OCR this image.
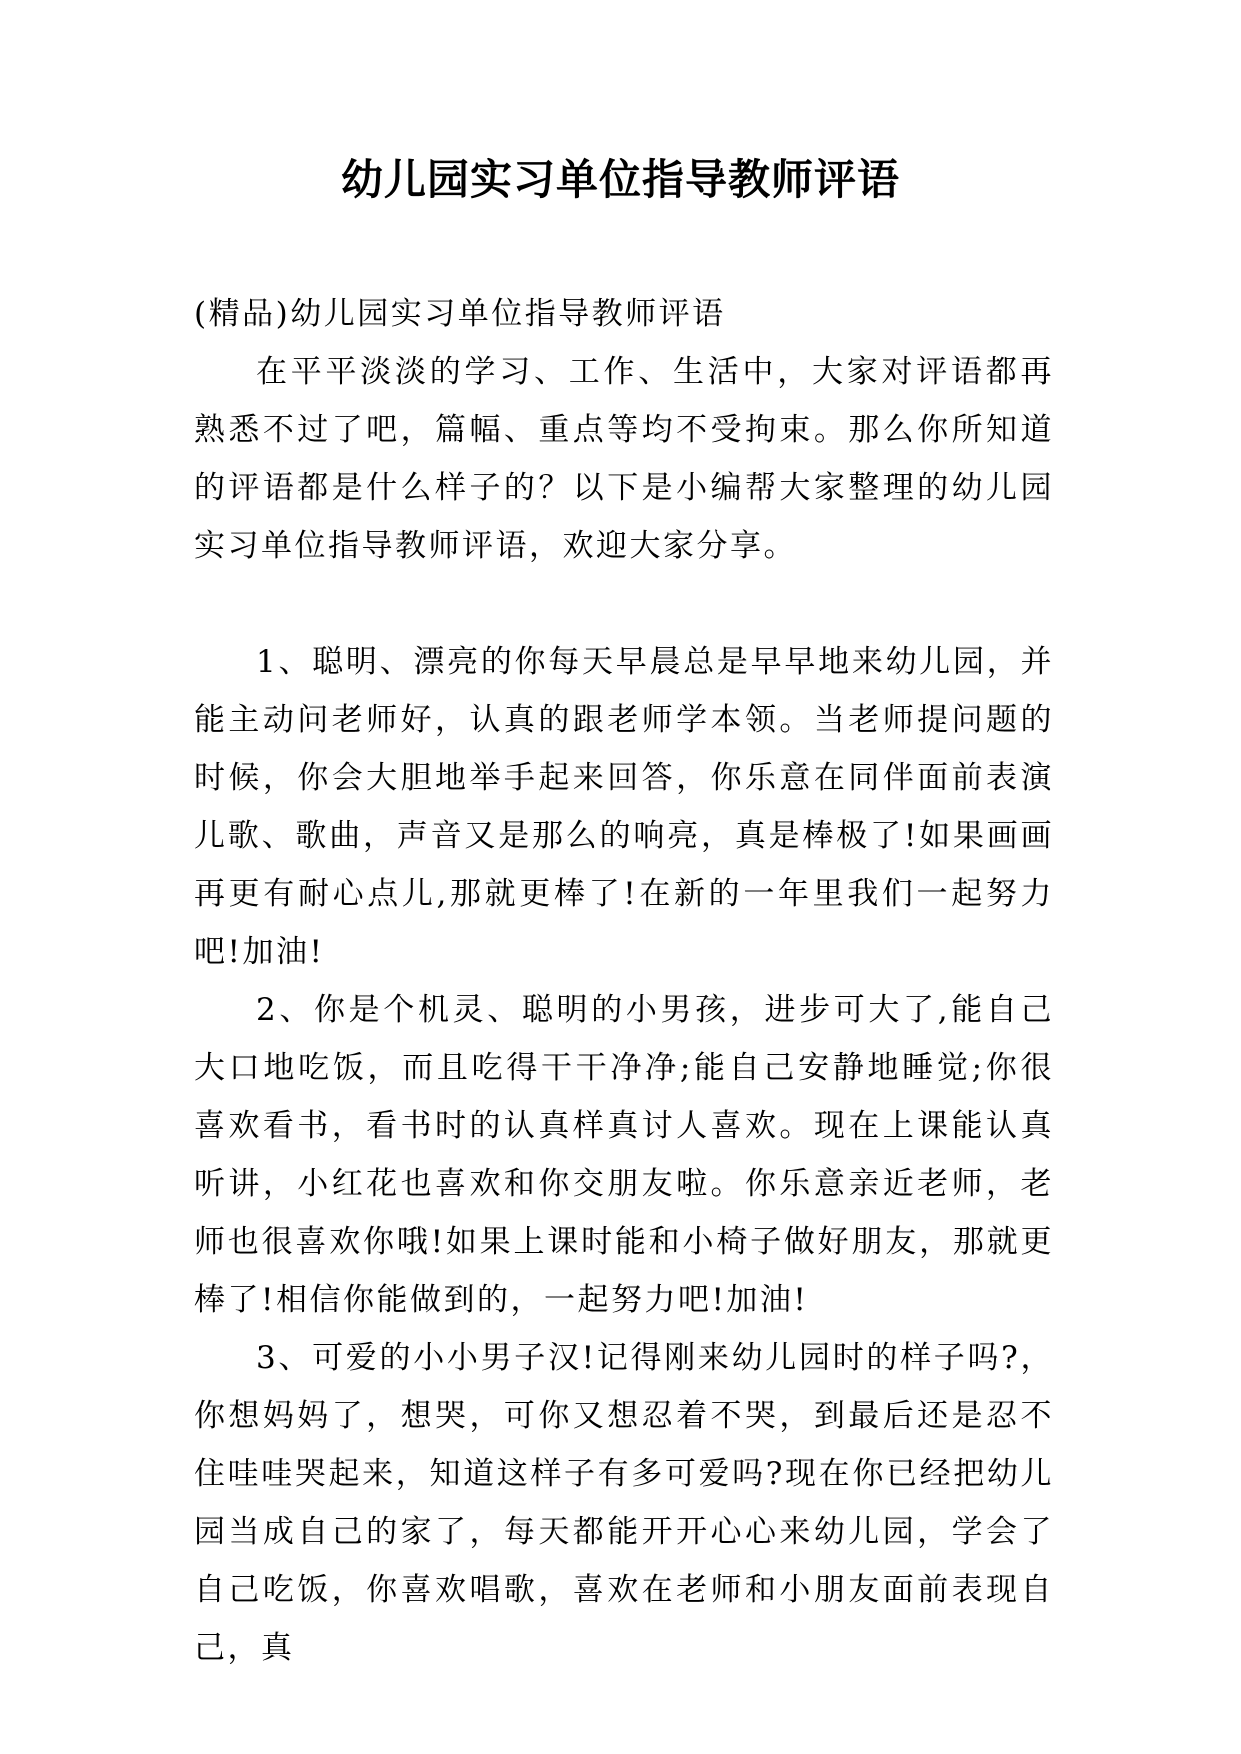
幼儿园实习单位指导教师评语

(精品)幼儿园实习单位指导教师评语

在平平淡淡的学习、工作、生活中，大家对评语都再熟悉不过了吧，篇幅、重点等均不受拘束。那么你所知道的评语都是什么样子的？以下是小编帮大家整理的幼儿园实习单位指导教师评语，欢迎大家分享。

1、聪明、漂亮的你每天早晨总是早早地来幼儿园，并能主动问老师好，认真的跟老师学本领。当老师提问题的时候，你会大胆地举手起来回答，你乐意在同伴面前表演儿歌、歌曲，声音又是那么的响亮，真是棒极了!如果画画再更有耐心点儿,那就更棒了!在新的一年里我们一起努力吧!加油!

2、你是个机灵、聪明的小男孩，进步可大了,能自己大口地吃饭，而且吃得干干净净;能自己安静地睡觉;你很喜欢看书，看书时的认真样真讨人喜欢。现在上课能认真听讲，小红花也喜欢和你交朋友啦。你乐意亲近老师，老师也很喜欢你哦!如果上课时能和小椅子做好朋友，那就更棒了!相信你能做到的，一起努力吧!加油!

3、可爱的小小男子汉!记得刚来幼儿园时的样子吗?，你想妈妈了，想哭，可你又想忍着不哭，到最后还是忍不住哇哇哭起来，知道这样子有多可爱吗?现在你已经把幼儿园当成自己的家了，每天都能开开心心来幼儿园，学会了自己吃饭，你喜欢唱歌，喜欢在老师和小朋友面前表现自己，真
